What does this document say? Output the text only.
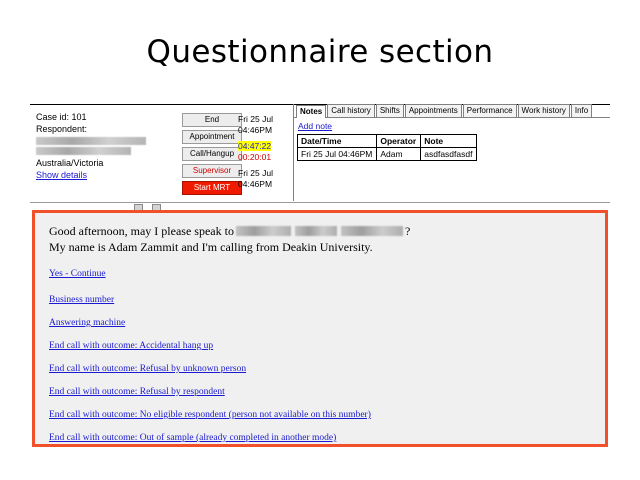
Questionnaire section
Case id: 101
Respondent:
Australia/Victoria
Show details
End
Appointment
Call/Hangup
Supervisor
Start MRT
Fri 25 Jul
04:46PM
04:47:22
00:20:01
Fri 25 Jul
04:46PM
Notes	Call history	Shifts	Appointments	Performance	Work history	Info
Add note
Date/Time	Operator	Note
Fri 25 Jul 04:46PM	Adam	asdfasdfasdf
Good afternoon, may I please speak to	?
My name is Adam Zammit and I'm calling from Deakin University.
Yes - Continue
Business number
Answering machine
End call with outcome: Accidental hang up
End call with outcome: Refusal by unknown person
End call with outcome: Refusal by respondent
End call with outcome: No eligible respondent (person not available on this number)
End call with outcome: Out of sample (already completed in another mode)
